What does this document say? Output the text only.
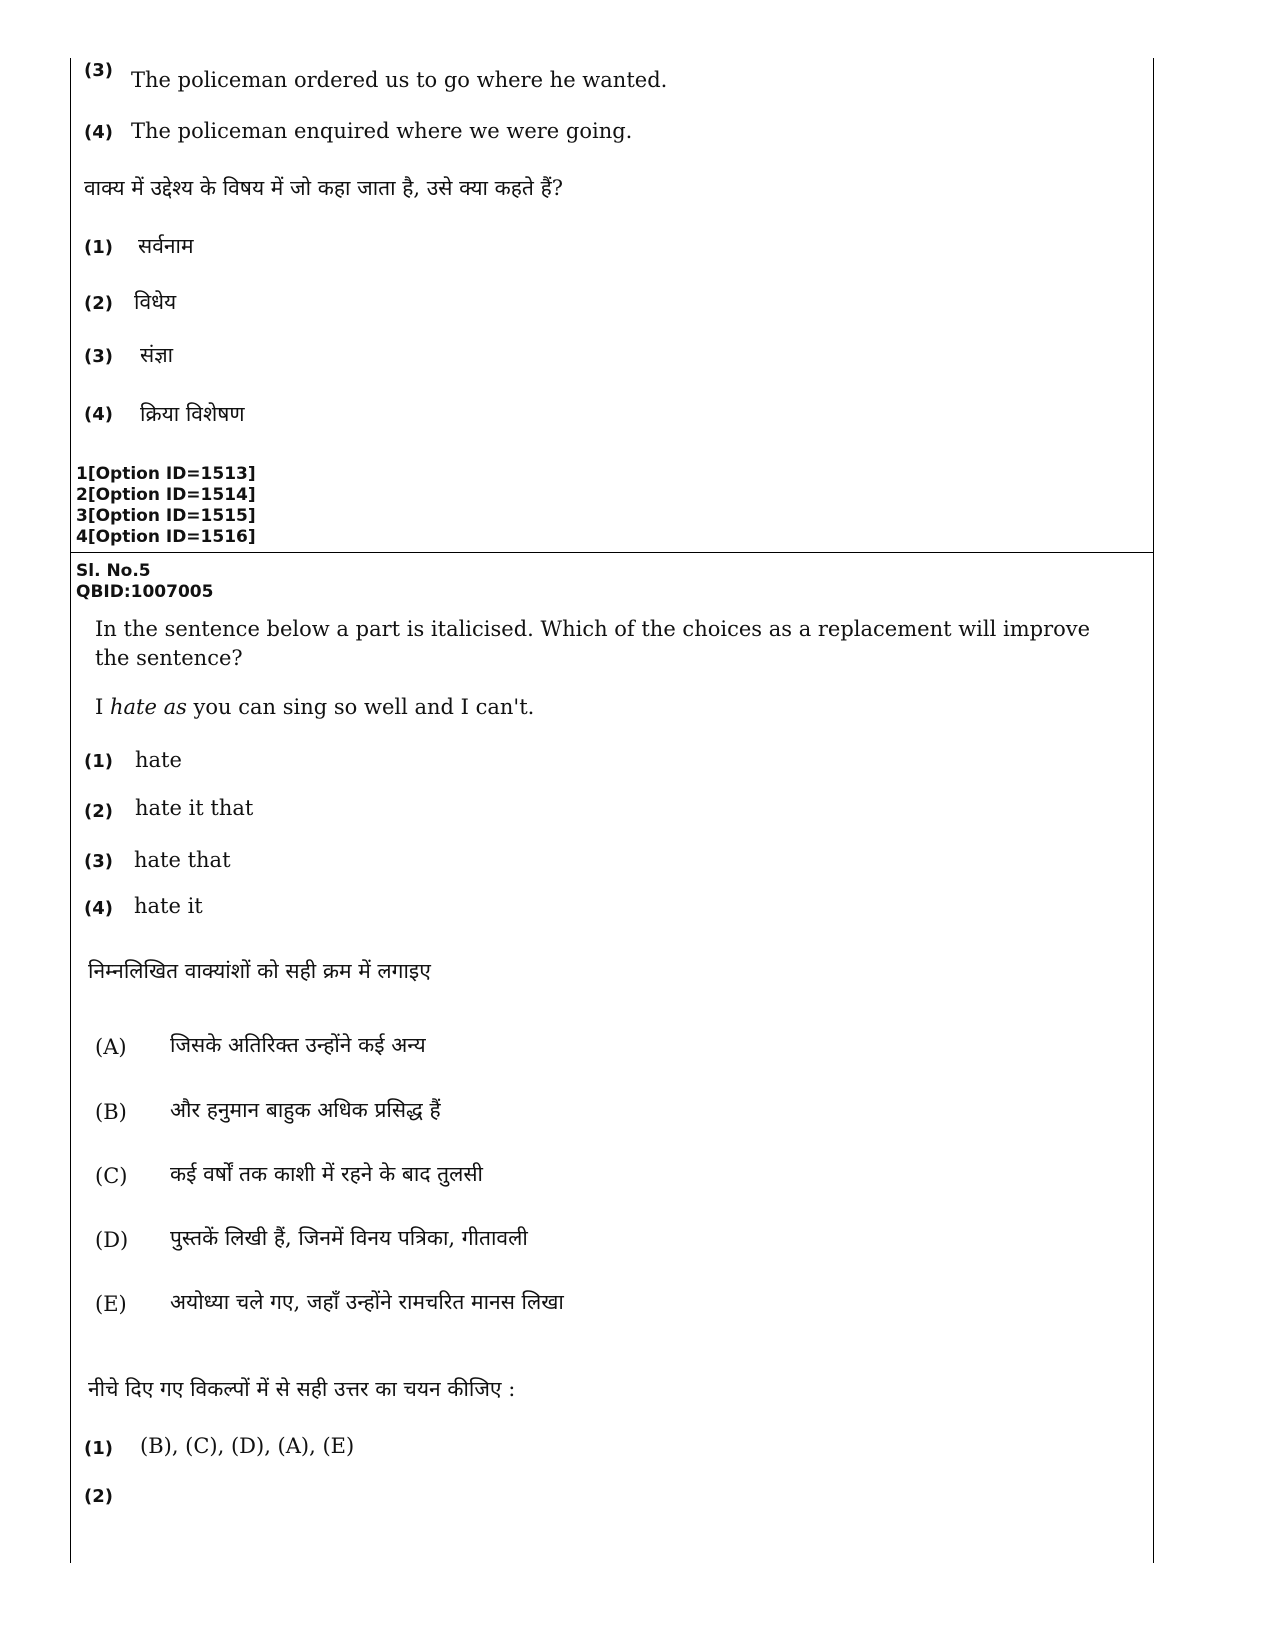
(3) The policeman ordered us to go where he wanted.
(4) The policeman enquired where we were going.
वाक्य में उद्देश्य के विषय में जो कहा जाता है, उसे क्या कहते हैं?
(1) सर्वनाम
(2) विधेय
(3) संज्ञा
(4) क्रिया विशेषण
1[Option ID=1513]
2[Option ID=1514]
3[Option ID=1515]
4[Option ID=1516]
Sl. No.5
QBID:1007005
In the sentence below a part is italicised. Which of the choices as a replacement will improve the sentence?
I hate as you can sing so well and I can't.
(1) hate
(2) hate it that
(3) hate that
(4) hate it
निम्नलिखित वाक्यांशों को सही क्रम में लगाइए
(A) जिसके अतिरिक्त उन्होंने कई अन्य
(B) और हनुमान बाहुक अधिक प्रसिद्ध हैं
(C) कई वर्षों तक काशी में रहने के बाद तुलसी
(D) पुस्तकें लिखी हैं, जिनमें विनय पत्रिका, गीतावली
(E) अयोध्या चले गए, जहाँ उन्होंने रामचरित मानस लिखा
नीचे दिए गए विकल्पों में से सही उत्तर का चयन कीजिए :
(1) (B), (C), (D), (A), (E)
(2)
